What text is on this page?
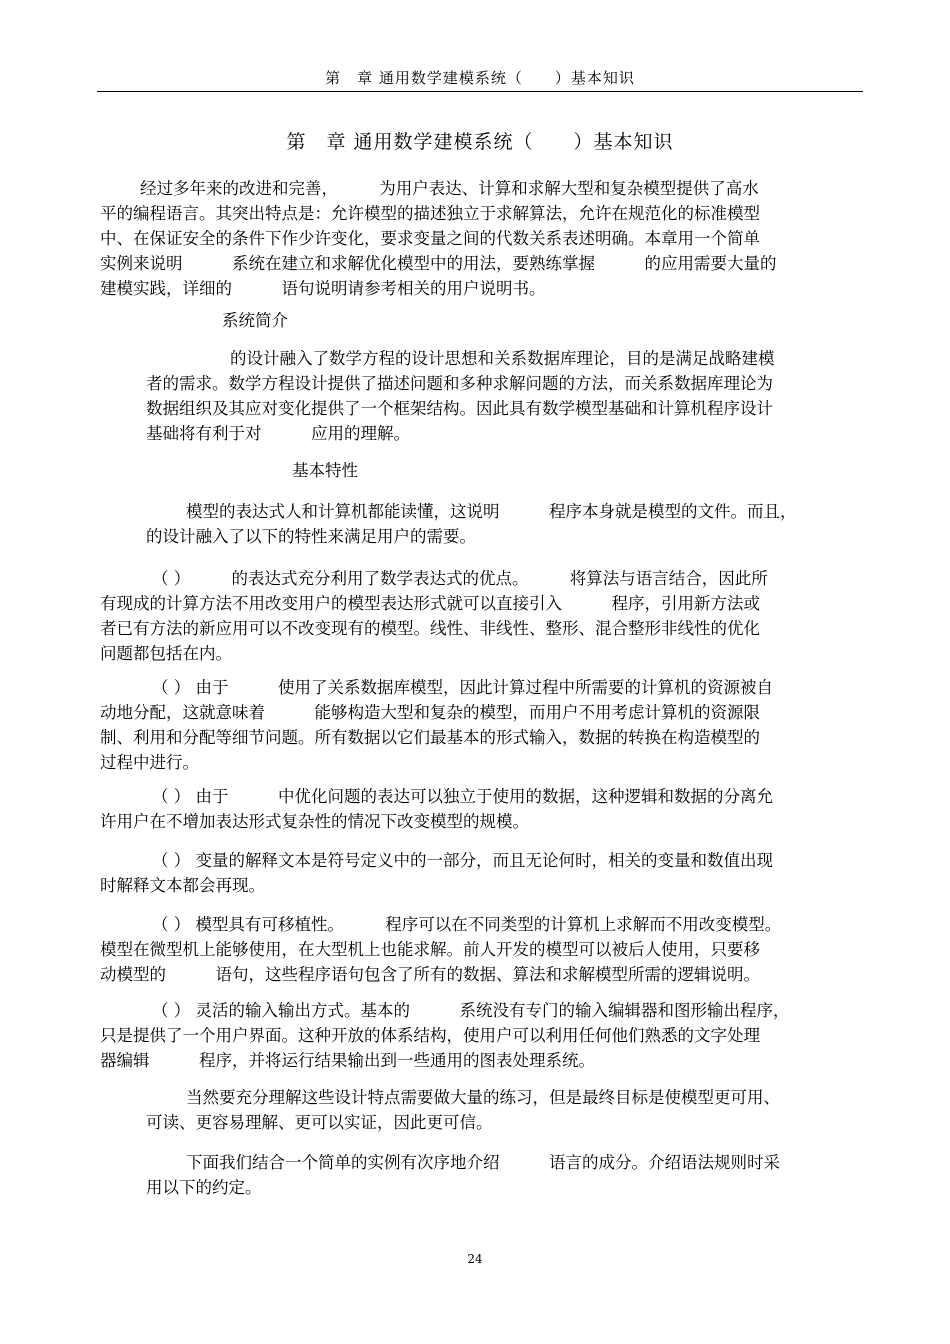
第　章 通用数学建模系统（　　）基本知识
第　章 通用数学建模系统（　　）基本知识
经过多年来的改进和完善，　　　为用户表达、计算和求解大型和复杂模型提供了高水
平的编程语言。其突出特点是：允许模型的描述独立于求解算法，允许在规范化的标准模型
中、在保证安全的条件下作少许变化，要求变量之间的代数关系表述明确。本章用一个简单
实例来说明　　　系统在建立和求解优化模型中的用法，要熟练掌握　　　的应用需要大量的
建模实践，详细的　　　语句说明请参考相关的用户说明书。
系统简介
的设计融入了数学方程的设计思想和关系数据库理论，目的是满足战略建模
者的需求。数学方程设计提供了描述问题和多种求解问题的方法，而关系数据库理论为
数据组织及其应对变化提供了一个框架结构。因此具有数学模型基础和计算机程序设计
基础将有利于对　　　应用的理解。
基本特性
模型的表达式人和计算机都能读懂，这说明　　　程序本身就是模型的文件。而且，
的设计融入了以下的特性来满足用户的需要。
（ ）　　　的表达式充分利用了数学表达式的优点。　　　将算法与语言结合，因此所
有现成的计算方法不用改变用户的模型表达形式就可以直接引入　　　程序，引用新方法或
者已有方法的新应用可以不改变现有的模型。线性、非线性、整形、混合整形非线性的优化
问题都包括在内。
（ ） 由于　　　使用了关系数据库模型，因此计算过程中所需要的计算机的资源被自
动地分配，这就意味着　　　能够构造大型和复杂的模型，而用户不用考虑计算机的资源限
制、利用和分配等细节问题。所有数据以它们最基本的形式输入，数据的转换在构造模型的
过程中进行。
（ ） 由于　　　中优化问题的表达可以独立于使用的数据，这种逻辑和数据的分离允
许用户在不增加表达形式复杂性的情况下改变模型的规模。
（ ） 变量的解释文本是符号定义中的一部分，而且无论何时，相关的变量和数值出现
时解释文本都会再现。
（ ） 模型具有可移植性。　　　程序可以在不同类型的计算机上求解而不用改变模型。
模型在微型机上能够使用，在大型机上也能求解。前人开发的模型可以被后人使用，只要移
动模型的　　　语句，这些程序语句包含了所有的数据、算法和求解模型所需的逻辑说明。
（ ） 灵活的输入输出方式。基本的　　　系统没有专门的输入编辑器和图形输出程序，
只是提供了一个用户界面。这种开放的体系结构，使用户可以利用任何他们熟悉的文字处理
器编辑　　　程序，并将运行结果输出到一些通用的图表处理系统。
当然要充分理解这些设计特点需要做大量的练习，但是最终目标是使模型更可用、
可读、更容易理解、更可以实证，因此更可信。
下面我们结合一个简单的实例有次序地介绍　　　语言的成分。介绍语法规则时采
用以下的约定。
24
